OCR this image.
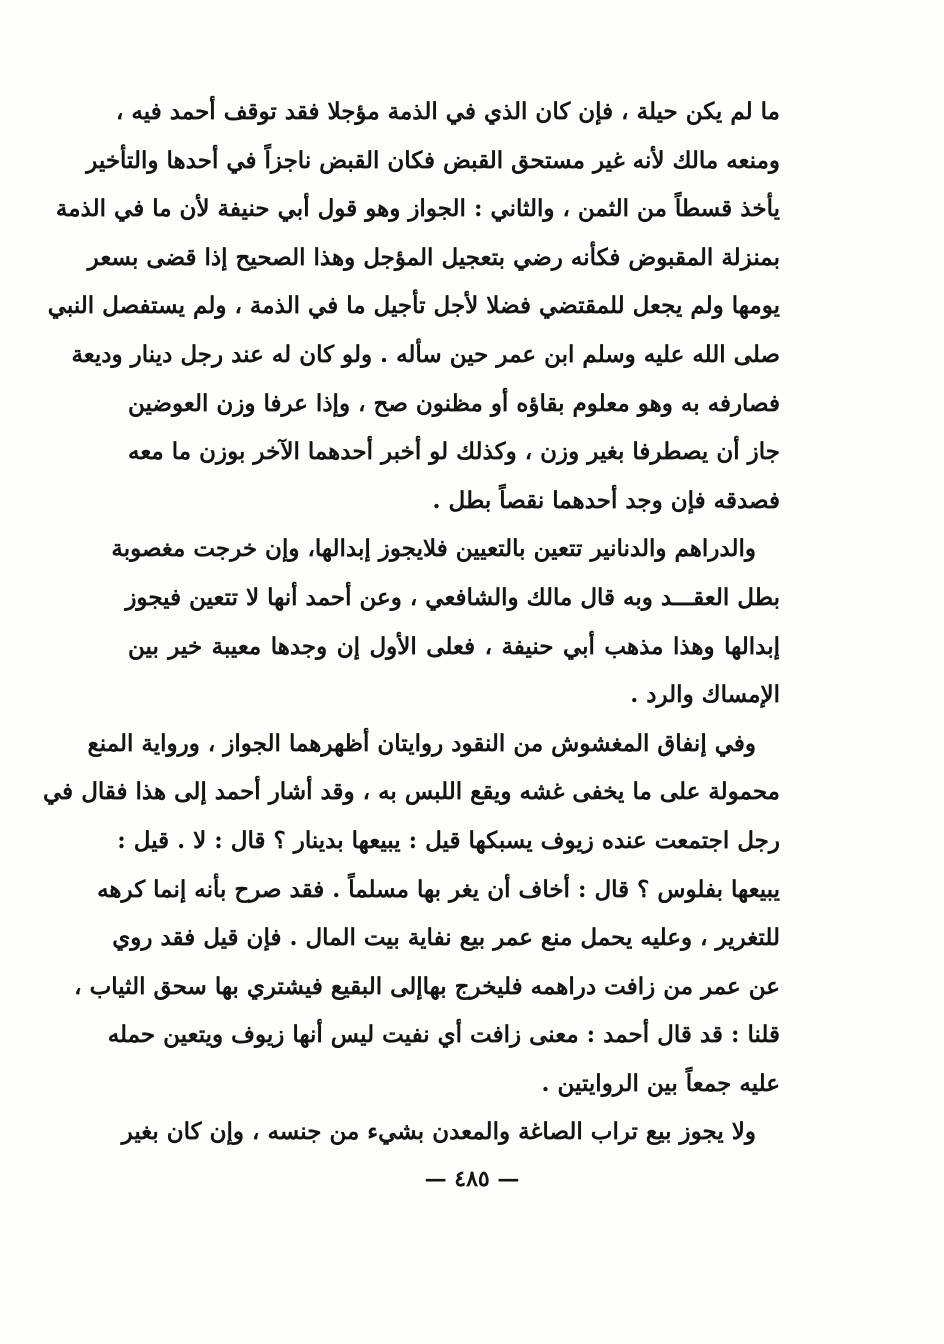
ما لم يكن حيلة ، فإن كان الذي في الذمة مؤجلا فقد توقف أحمد فيه ،
ومنعه مالك لأنه غير مستحق القبض فكان القبض ناجزاً في أحدها والتأخير
يأخذ قسطاً من الثمن ، والثاني : الجواز وهو قول أبي حنيفة لأن ما في الذمة
بمنزلة المقبوض فكأنه رضي بتعجيل المؤجل وهذا الصحيح إذا قضى بسعر
يومها ولم يجعل للمقتضي فضلا لأجل تأجيل ما في الذمة ، ولم يستفصل النبي
صلى الله عليه وسلم ابن عمر حين سأله . ولو كان له عند رجل دينار وديعة
فصارفه به وهو معلوم بقاؤه أو مظنون صح ، وإذا عرفا وزن العوضين
جاز أن يصطرفا بغير وزن ، وكذلك لو أخبر أحدهما الآخر بوزن ما معه
فصدقه فإن وجد أحدهما نقصاً بطل .
والدراهم والدنانير تتعين بالتعيين فلايجوز إبدالها، وإن خرجت مغصوبة
بطل العقـــد وبه قال مالك والشافعي ، وعن أحمد أنها لا تتعين فيجوز
إبدالها وهذا مذهب أبي حنيفة ، فعلى الأول إن وجدها معيبة خير بين
الإمساك والرد .
وفي إنفاق المغشوش من النقود روايتان أظهرهما الجواز ، ورواية المنع
محمولة على ما يخفى غشه ويقع اللبس به ، وقد أشار أحمد إلى هذا فقال في
رجل اجتمعت عنده زيوف يسبكها قيل : يبيعها بدينار ؟ قال : لا . قيل :
يبيعها بفلوس ؟ قال : أخاف أن يغر بها مسلماً . فقد صرح بأنه إنما كرهه
للتغرير ، وعليه يحمل منع عمر بيع نفاية بيت المال . فإن قيل فقد روي
عن عمر من زافت دراهمه فليخرج بهاإلى البقيع فيشتري بها سحق الثياب ،
قلنا : قد قال أحمد : معنى زافت أي نفيت ليس أنها زيوف ويتعين حمله
عليه جمعاً بين الروايتين .
ولا يجوز بيع تراب الصاغة والمعدن بشيء من جنسه ، وإن كان بغير
— ٤٨٥ —
